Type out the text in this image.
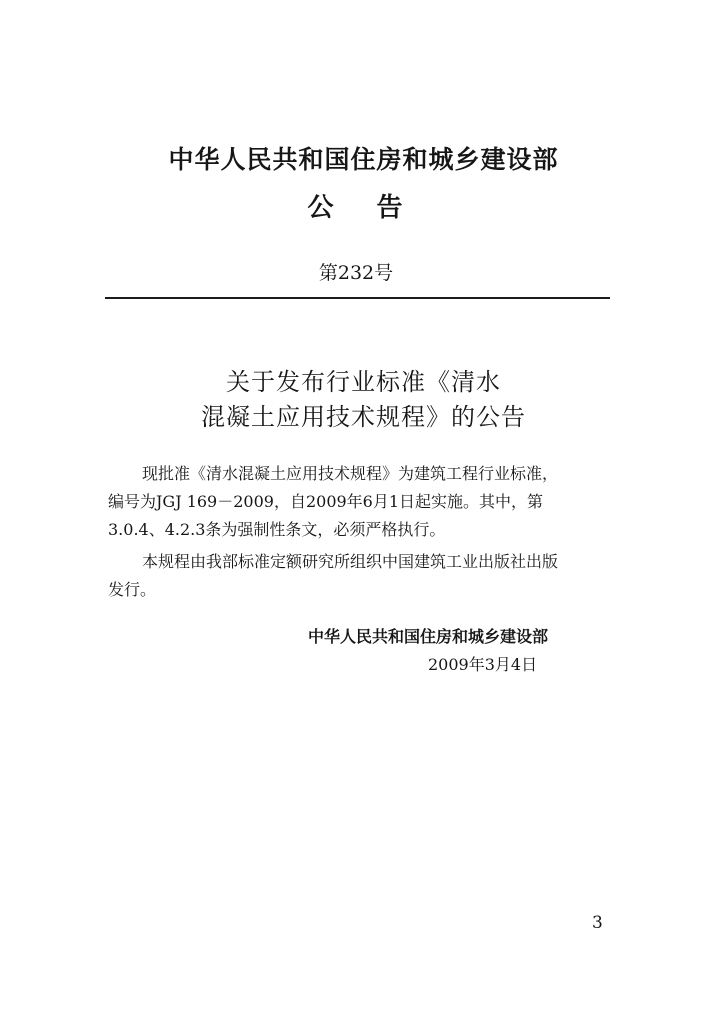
中华人民共和国住房和城乡建设部
公 告
第232号
关于发布行业标准《清水
混凝土应用技术规程》的公告

现批准《清水混凝土应用技术规程》为建筑工程行业标准，

编号为JGJ 169－2009，自2009年6月1日起实施。其中，第

3.0.4、4.2.3条为强制性条文，必须严格执行。

本规程由我部标准定额研究所组织中国建筑工业出版社出版

发行。

中华人民共和国住房和城乡建设部
2009年3月4日
3
